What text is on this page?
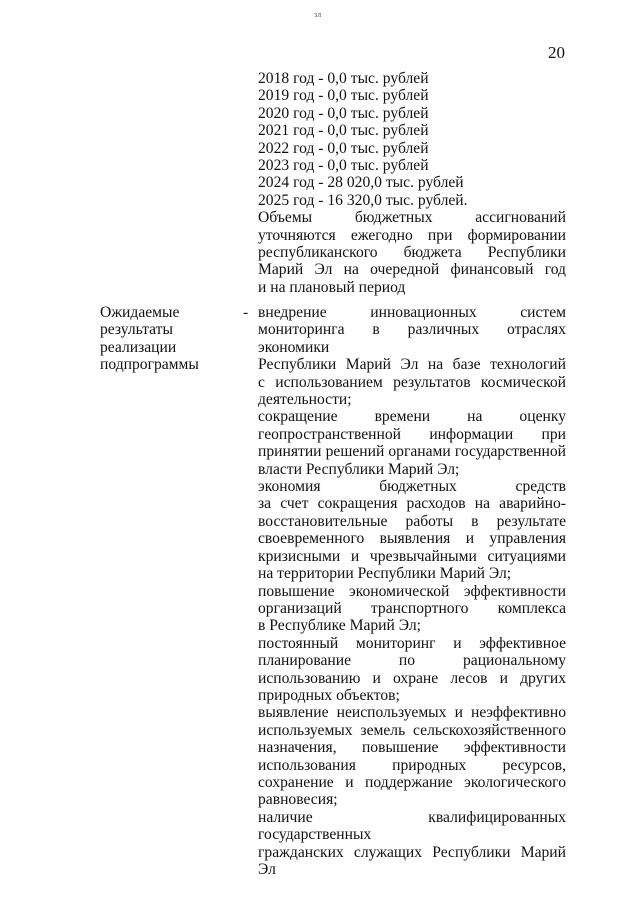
зл
20
2018 год - 0,0 тыс. рублей
2019 год - 0,0 тыс. рублей
2020 год - 0,0 тыс. рублей
2021 год - 0,0 тыс. рублей
2022 год - 0,0 тыс. рублей
2023 год - 0,0 тыс. рублей
2024 год - 28 020,0 тыс. рублей
2025 год - 16 320,0 тыс. рублей.
Объемы бюджетных ассигнований
уточняются ежегодно при формировании
республиканского бюджета Республики
Марий Эл на очередной финансовый год
и на плановый период
Ожидаемые
результаты
реализации
подпрограммы
- внедрение инновационных систем
мониторинга в различных отраслях экономики
Республики Марий Эл на базе технологий
с использованием результатов космической
деятельности;
сокращение времени на оценку
геопространственной информации при
принятии решений органами государственной
власти Республики Марий Эл;
экономия бюджетных средств
за счет сокращения расходов на аварийно-
восстановительные работы в результате
своевременного выявления и управления
кризисными и чрезвычайными ситуациями
на территории Республики Марий Эл;
повышение экономической эффективности
организаций транспортного комплекса
в Республике Марий Эл;
постоянный мониторинг и эффективное
планирование по рациональному
использованию и охране лесов и других
природных объектов;
выявление неиспользуемых и неэффективно
используемых земель сельскохозяйственного
назначения, повышение эффективности
использования природных ресурсов,
сохранение и поддержание экологического
равновесия;
наличие квалифицированных государственных
гражданских служащих Республики Марий Эл
